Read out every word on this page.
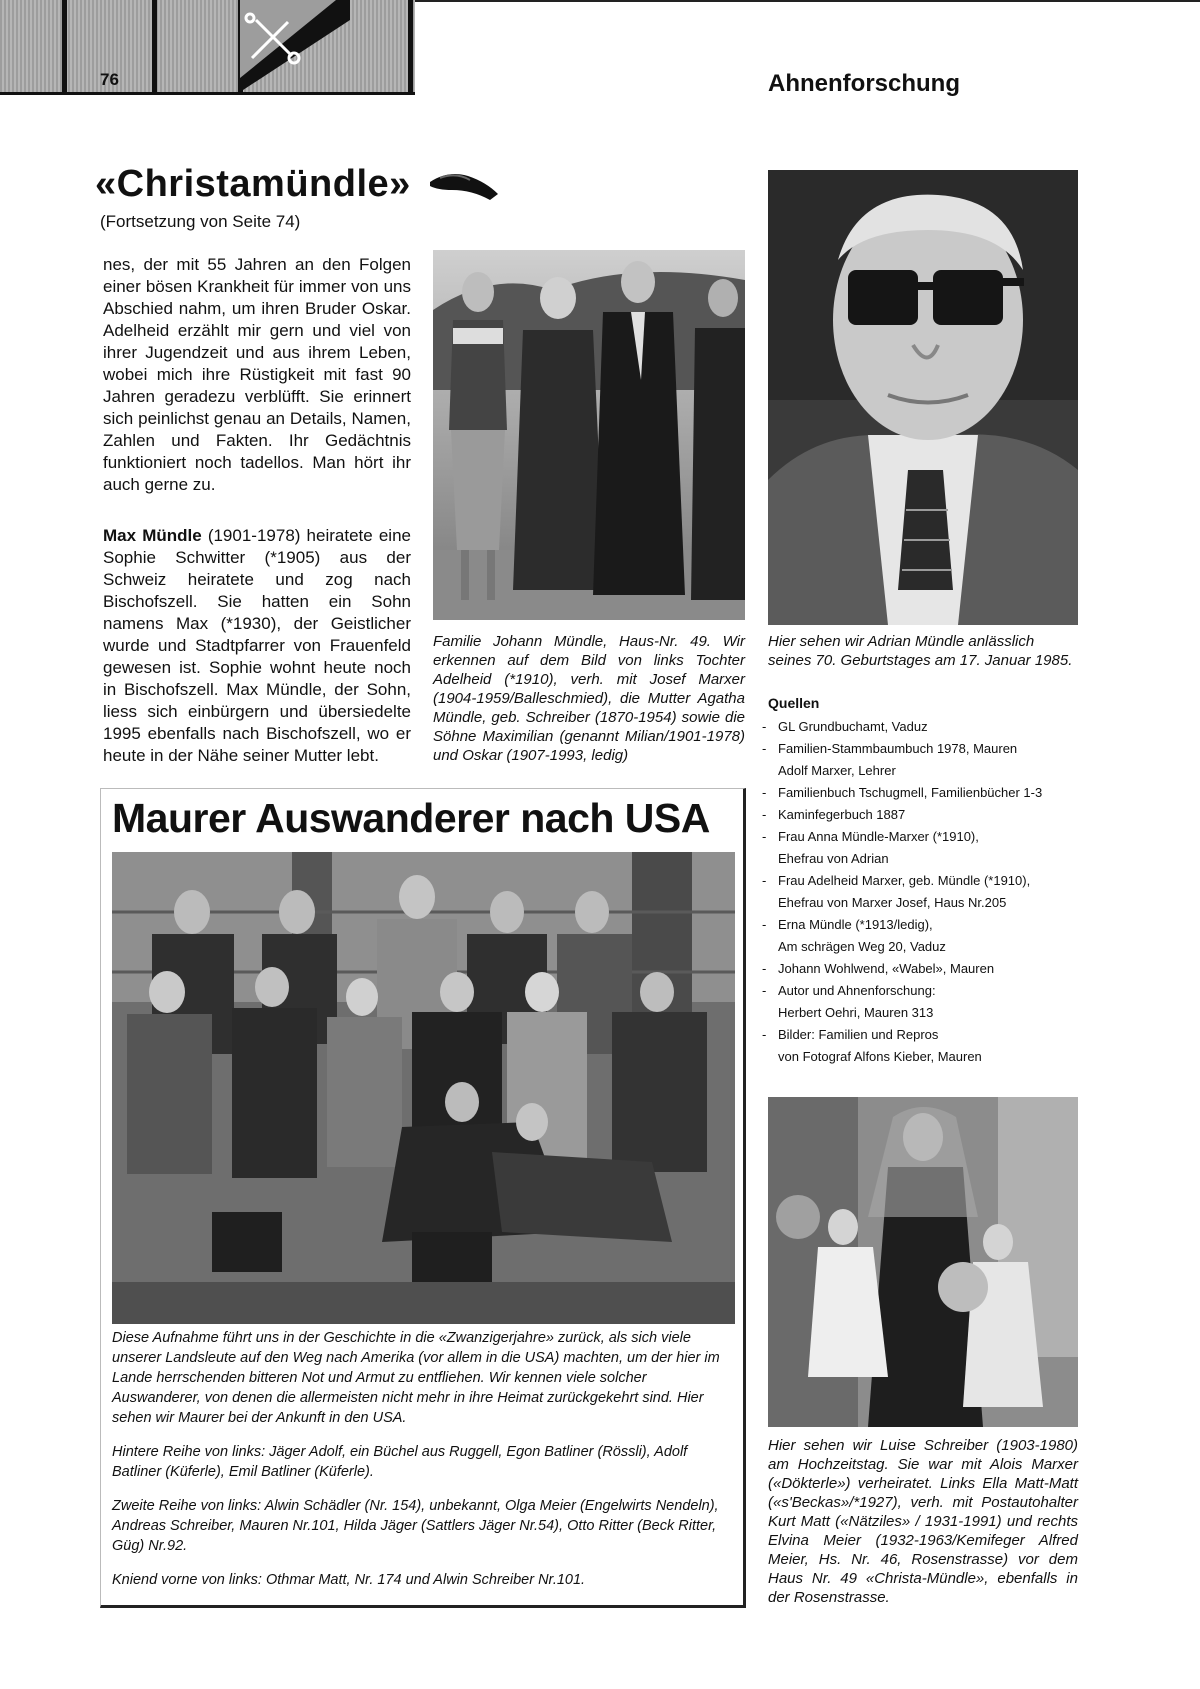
76	Ahnenforschung
«Christamündle»
(Fortsetzung von Seite 74)
nes, der mit 55 Jahren an den Folgen einer bösen Krankheit für immer von uns Abschied nahm, um ihren Bruder Oskar. Adelheid erzählt mir gern und viel von ihrer Jugendzeit und aus ihrem Leben, wobei mich ihre Rüstigkeit mit fast 90 Jahren geradezu verblüfft. Sie erinnert sich peinlichst genau an Details, Namen, Zahlen und Fakten. Ihr Gedächtnis funktioniert noch tadellos. Man hört ihr auch gerne zu.
Max Mündle (1901-1978) heiratete eine Sophie Schwitter (*1905) aus der Schweiz heiratete und zog nach Bischofszell. Sie hatten ein Sohn namens Max (*1930), der Geistlicher wurde und Stadtpfarrer von Frauenfeld gewesen ist. Sophie wohnt heute noch in Bischofszell. Max Mündle, der Sohn, liess sich einbürgern und übersiedelte 1995 ebenfalls nach Bischofszell, wo er heute in der Nähe seiner Mutter lebt.
Familie Johann Mündle, Haus-Nr. 49. Wir erkennen auf dem Bild von links Tochter Adelheid (*1910), verh. mit Josef Marxer (1904-1959/Balleschmied), die Mutter Agatha Mündle, geb. Schreiber (1870-1954) sowie die Söhne Maximilian (genannt Milian/1901-1978) und Oskar (1907-1993, ledig)
Hier sehen wir Adrian Mündle anlässlich seines 70. Geburtstages am 17. Januar 1985.
Quellen
- GL Grundbuchamt, Vaduz
- Familien-Stammbaumbuch 1978, Mauren
Adolf Marxer, Lehrer
- Familienbuch Tschugmell, Familienbücher 1-3
- Kaminfegerbuch 1887
- Frau Anna Mündle-Marxer (*1910),
Ehefrau von Adrian
- Frau Adelheid Marxer, geb. Mündle (*1910),
Ehefrau von Marxer Josef, Haus Nr.205
- Erna Mündle (*1913/ledig),
Am schrägen Weg 20, Vaduz
- Johann Wohlwend, «Wabel», Mauren
- Autor und Ahnenforschung:
Herbert Oehri, Mauren 313
- Bilder: Familien und Repros
von Fotograf Alfons Kieber, Mauren
Maurer Auswanderer nach USA

Diese Aufnahme führt uns in der Geschichte in die «Zwanzigerjahre» zurück, als sich viele unserer Landsleute auf den Weg nach Amerika (vor allem in die USA) machten, um der hier im Lande herrschenden bitteren Not und Armut zu entfliehen. Wir kennen viele solcher Auswanderer, von denen die allermeisten nicht mehr in ihre Heimat zurückgekehrt sind. Hier sehen wir Maurer bei der Ankunft in den USA.

Hintere Reihe von links: Jäger Adolf, ein Büchel aus Ruggell, Egon Batliner (Rössli), Adolf Batliner (Küferle), Emil Batliner (Küferle).

Zweite Reihe von links: Alwin Schädler (Nr. 154), unbekannt, Olga Meier (Engelwirts Nendeln), Andreas Schreiber, Mauren Nr.101, Hilda Jäger (Sattlers Jäger Nr.54), Otto Ritter (Beck Ritter, Güg) Nr.92.

Kniend vorne von links: Othmar Matt, Nr. 174 und Alwin Schreiber Nr.101.

Hier sehen wir Luise Schreiber (1903-1980) am Hochzeitstag. Sie war mit Alois Marxer («Dökterle») verheiratet. Links Ella Matt-Matt («s'Beckas»/*1927), verh. mit Postautohalter Kurt Matt («Nätziles» / 1931-1991) und rechts Elvina Meier (1932-1963/Kemifeger Alfred Meier, Hs. Nr. 46, Rosenstrasse) vor dem Haus Nr. 49 «Christa-Mündle», ebenfalls in der Rosenstrasse.
